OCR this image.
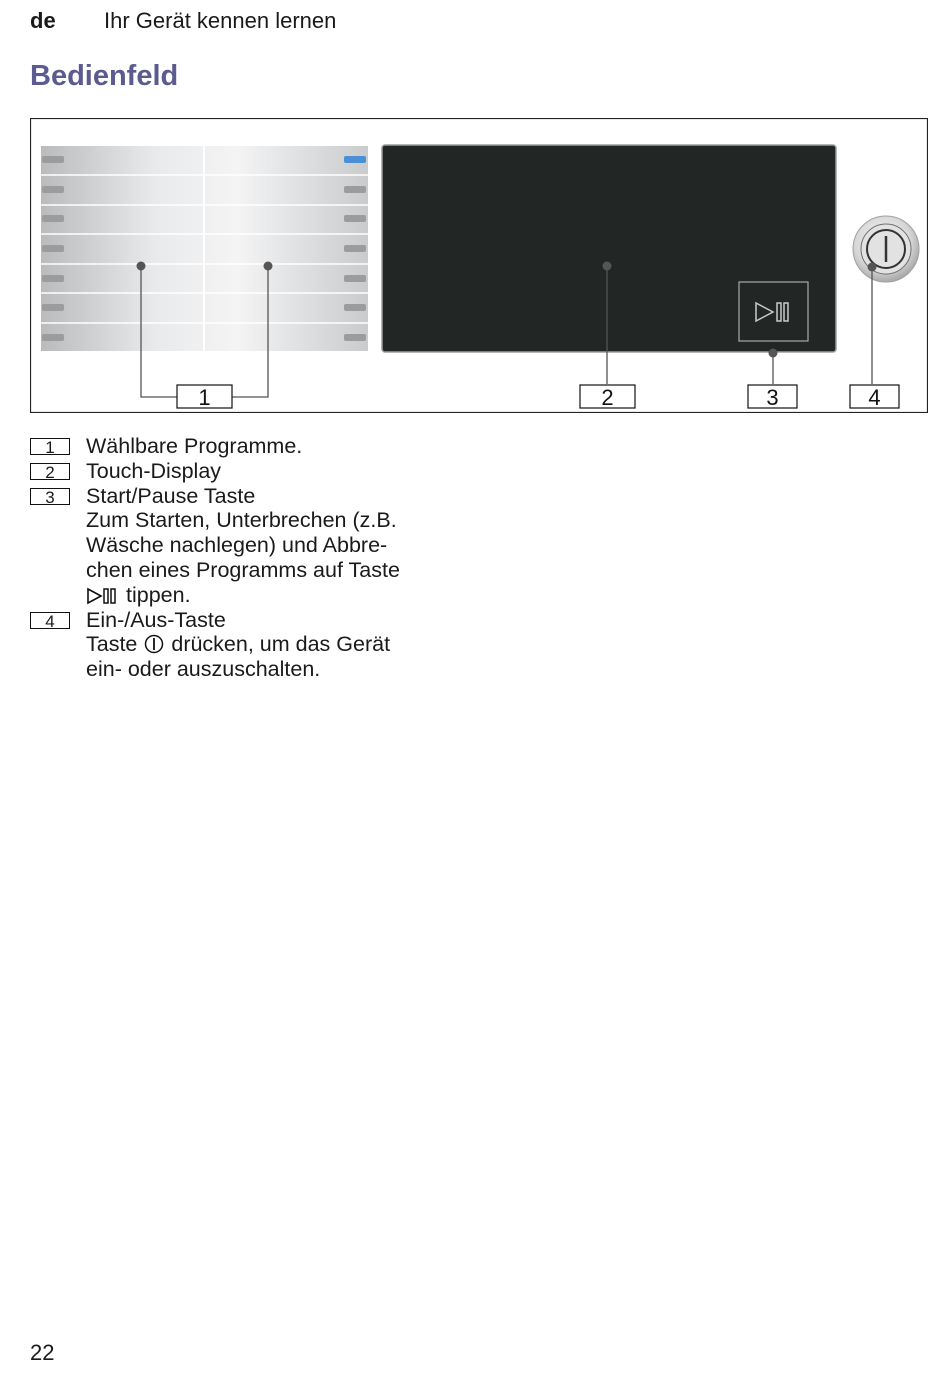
de Ihr Gerät kennen lernen
Bedienfeld
1	2	3	4
1	Wählbare Programme.
2	Touch-Display
3	Start/Pause Taste
Zum Starten, Unterbrechen (z.B.
Wäsche nachlegen) und Abbre-
chen eines Programms auf Taste
tippen.
4	Ein-/Aus-Taste
Taste drücken, um das Gerät
ein- oder auszuschalten.
22
